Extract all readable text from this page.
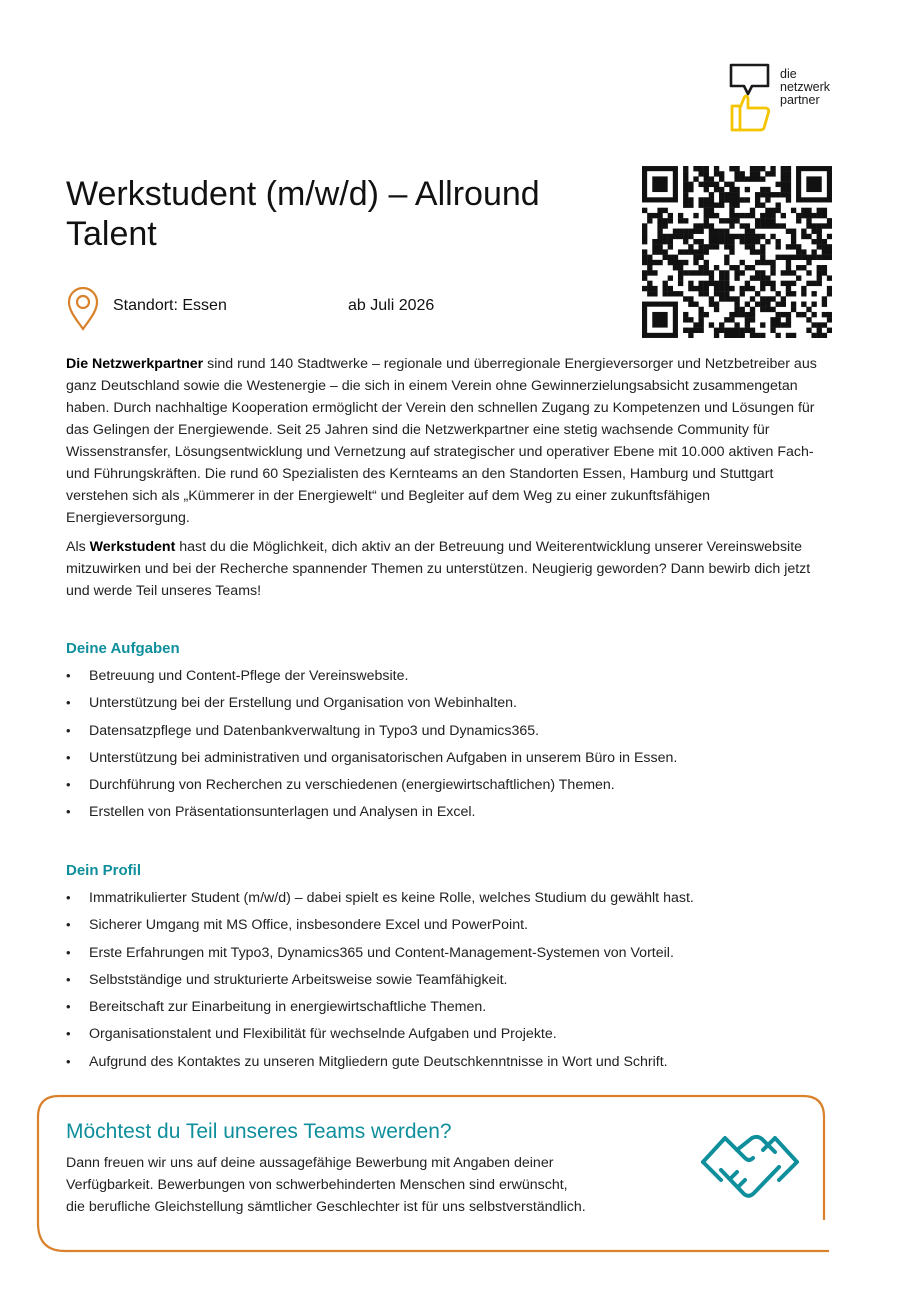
die
netzwerk
partner
Werkstudent (m/w/d) – Allround Talent
Standort: Essen	ab Juli 2026

Die Netzwerkpartner sind rund 140 Stadtwerke – regionale und überregionale Energieversorger und Netzbetreiber aus ganz Deutschland sowie die Westenergie – die sich in einem Verein ohne Gewinnerzielungsabsicht zusammengetan haben. Durch nachhaltige Kooperation ermöglicht der Verein den schnellen Zugang zu Kompetenzen und Lösungen für das Gelingen der Energiewende. Seit 25 Jahren sind die Netzwerkpartner eine stetig wachsende Community für Wissenstransfer, Lösungsentwicklung und Vernetzung auf strategischer und operativer Ebene mit 10.000 aktiven Fach- und Führungskräften. Die rund 60 Spezialisten des Kernteams an den Standorten Essen, Hamburg und Stuttgart verstehen sich als „Kümmerer in der Energiewelt“ und Begleiter auf dem Weg zu einer zukunftsfähigen Energieversorgung.

Als Werkstudent hast du die Möglichkeit, dich aktiv an der Betreuung und Weiterentwicklung unserer Vereinswebsite mitzuwirken und bei der Recherche spannender Themen zu unterstützen. Neugierig geworden? Dann bewirb dich jetzt und werde Teil unseres Teams!

Deine Aufgaben
• Betreuung und Content-Pflege der Vereinswebsite.
• Unterstützung bei der Erstellung und Organisation von Webinhalten.
• Datensatzpflege und Datenbankverwaltung in Typo3 und Dynamics365.
• Unterstützung bei administrativen und organisatorischen Aufgaben in unserem Büro in Essen.
• Durchführung von Recherchen zu verschiedenen (energiewirtschaftlichen) Themen.
• Erstellen von Präsentationsunterlagen und Analysen in Excel.
Dein Profil
• Immatrikulierter Student (m/w/d) – dabei spielt es keine Rolle, welches Studium du gewählt hast.
• Sicherer Umgang mit MS Office, insbesondere Excel und PowerPoint.
• Erste Erfahrungen mit Typo3, Dynamics365 und Content-Management-Systemen von Vorteil.
• Selbstständige und strukturierte Arbeitsweise sowie Teamfähigkeit.
• Bereitschaft zur Einarbeitung in energiewirtschaftliche Themen.
• Organisationstalent und Flexibilität für wechselnde Aufgaben und Projekte.
• Aufgrund des Kontaktes zu unseren Mitgliedern gute Deutschkenntnisse in Wort und Schrift.
Möchtest du Teil unseres Teams werden?
Dann freuen wir uns auf deine aussagefähige Bewerbung mit Angaben deiner
Verfügbarkeit. Bewerbungen von schwerbehinderten Menschen sind erwünscht,
die berufliche Gleichstellung sämtlicher Geschlechter ist für uns selbstverständlich.
